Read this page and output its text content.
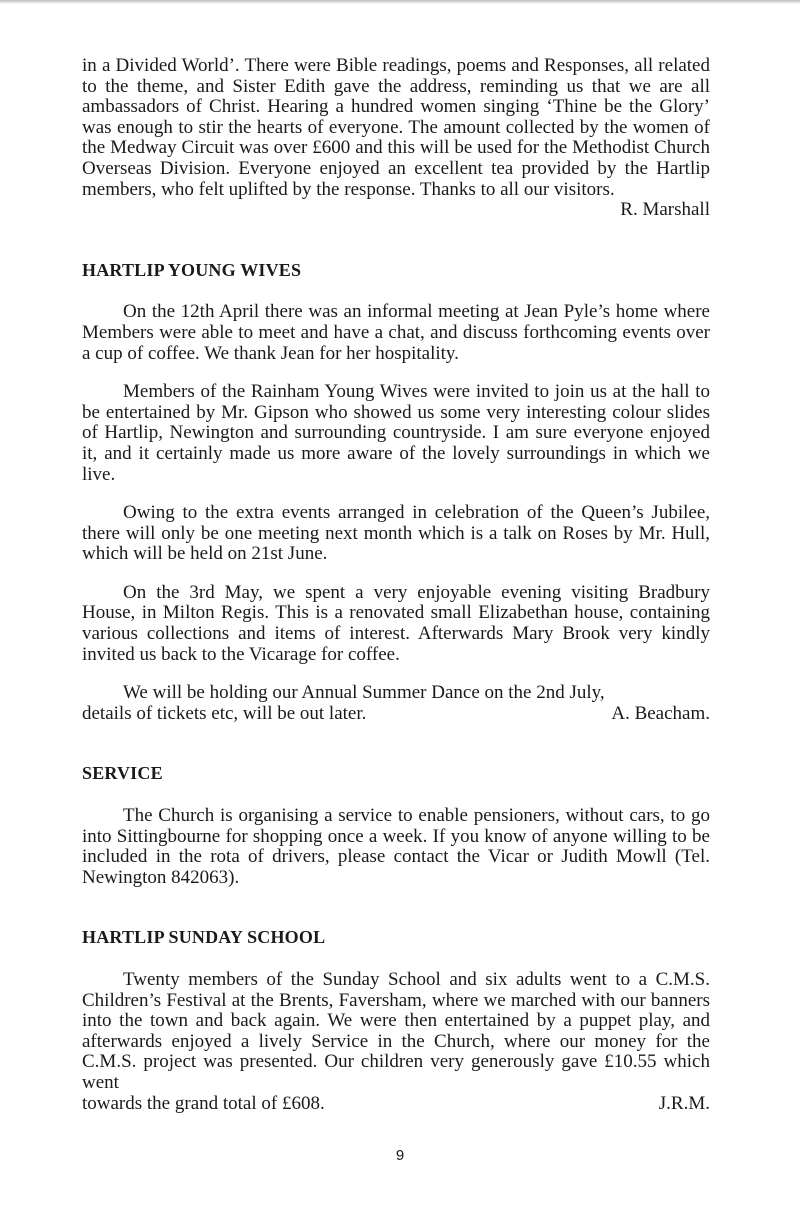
in a Divided World’. There were Bible readings, poems and Responses, all related to the theme, and Sister Edith gave the address, reminding us that we are all ambassadors of Christ. Hearing a hundred women singing ‘Thine be the Glory’ was enough to stir the hearts of everyone. The amount collected by the women of the Medway Circuit was over £600 and this will be used for the Methodist Church Overseas Division. Everyone enjoyed an excellent tea provided by the Hartlip members, who felt uplifted by the response. Thanks to all our visitors.

R. Marshall

HARTLIP YOUNG WIVES

On the 12th April there was an informal meeting at Jean Pyle’s home where Members were able to meet and have a chat, and discuss forthcoming events over a cup of coffee. We thank Jean for her hospitality.

Members of the Rainham Young Wives were invited to join us at the hall to be entertained by Mr. Gipson who showed us some very interesting colour slides of Hartlip, Newington and surrounding countryside. I am sure everyone enjoyed it, and it certainly made us more aware of the lovely surroundings in which we live.

Owing to the extra events arranged in celebration of the Queen’s Jubilee, there will only be one meeting next month which is a talk on Roses by Mr. Hull, which will be held on 21st June.

On the 3rd May, we spent a very enjoyable evening visiting Bradbury House, in Milton Regis. This is a renovated small Elizabethan house, containing various collections and items of interest. Afterwards Mary Brook very kindly invited us back to the Vicarage for coffee.

We will be holding our Annual Summer Dance on the 2nd July,

details of tickets etc, will be out later.	A. Beacham.
SERVICE

The Church is organising a service to enable pensioners, without cars, to go into Sittingbourne for shopping once a week. If you know of anyone willing to be included in the rota of drivers, please contact the Vicar or Judith Mowll (Tel. Newington 842063).

HARTLIP SUNDAY SCHOOL

Twenty members of the Sunday School and six adults went to a C.M.S. Children’s Festival at the Brents, Faversham, where we marched with our banners into the town and back again. We were then entertained by a puppet play, and afterwards enjoyed a lively Service in the Church, where our money for the C.M.S. project was presented. Our children very generously gave £10.55 which went

towards the grand total of £608.	J.R.M.
9
